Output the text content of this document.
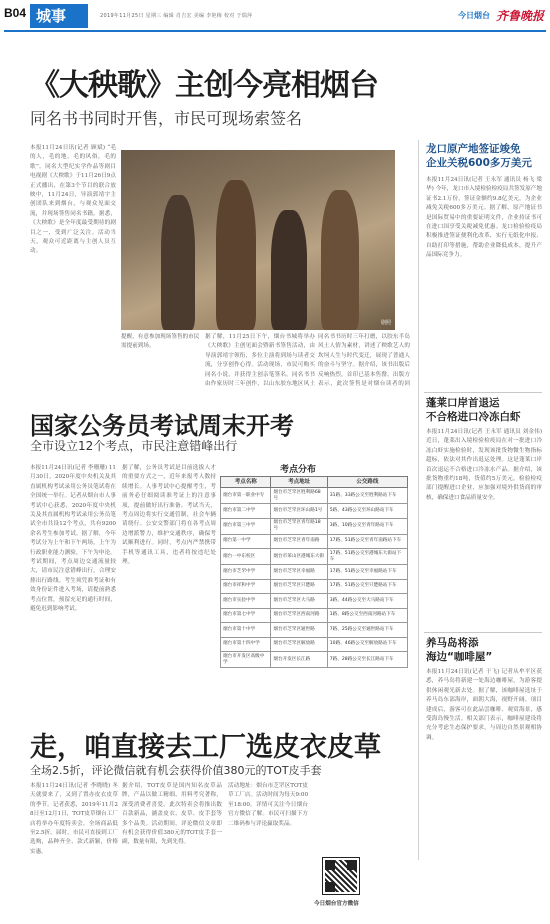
B04 城事	2019年11月25日 星期三 编辑 肖吉宏 美编 李艳梅 校对 于瑞萍	今日烟台 齐鲁晚报
《大秧歌》主创今亮相烟台
同名书书同时开售，市民可现场索签名
本报11月24日讯(记者 顾斌) “毛的人，毛的地，毛的风俗，毛的歌”。同名大型纪实学作品等剧目电视剧《大秧歌》于11月26日9点正式播出，在第3个节目的联合放映中，11月24日，导演郭靖宇主创团队来到烟台，与观众见面交流，并现场签售同名书籍。据悉，《大秧歌》是全年度最受期待的剧目之一，受到广泛关注。活动当天，观众可近距离与主创人员互动。
剧照
提醒，有意参加现场签售的市民需提前到场。
据了解，11月25日下午，烟台书城将举办《大秧歌》主创见面会暨新书签售活动，由导演郭靖宇领衔，多位主演将到场与读者交流，分享创作心得。活动现场，市民可购买同名小说，并获得主创亲笔签名。同名书书由作家历时三年创作，以山东胶东地区风土
同名书书历时三年打磨，以胶东半岛风土人情为素材，讲述了秧歌艺人的坎坷人生与时代变迁，展现了普通人的奋斗与坚守。据介绍，该书出版后反响热烈，首印已基本售罄。出版方表示，此次签售是对烟台读者的回
国家公务员考试周末开考
全市设立12个考点，市民注意错峰出行
本报11月24日讯(记者 李珊珊) 11月30日，2020年度中央机关及其直属机构考试录用公务员笔试将在全国统一举行。记者从烟台市人事考试中心获悉，2020年度中央机关及其直属机构考试录用公务员笔试全市共设12个考点，共有9200余名考生参加考试。据了解，今年考试分为上午和下午两场，上午为行政职业能力测验，下午为申论。考试期间，考点周边交通流量较大，请市民注意错峰出行，合理安排出行路线。考生须凭准考证和有效身份证件进入考场，请提前熟悉考点位置，预留充足的通行时间，避免迟到影响考试。
据了解，公务员考试是目前选拔人才的重要方式之一，近年来报考人数持续增长。人事考试中心提醒考生，考前务必仔细阅读准考证上的注意事项，提前做好出行准备。考试当天，考点周边将实行交通管制，社会车辆请绕行。公安交警部门将在各考点周边增派警力，维护交通秩序，确保考试顺利进行。同时，考点内严禁携带手机等通讯工具，违者将按违纪处理。
考点分布
考点名称	考点地址	公交路线
烟台市第一职业中专	烟台市芝罘区胜利路68号	31路、33路公交至胜利路站下车
烟台市第二中学	烟台市芝罘区环山路1号	5路、43路公交至环山路站下车
烟台市第三中学	烟台市芝罘区青年路18号	3路、10路公交至青年路站下车
烟台第一中学	烟台市芝罘区青年南路	17路、51路公交至青年南路站下车
烟台一中东校区	烟台市莱山区港城东大街	17路、51路公交至港城东大街站下车
烟台市芝罘中学	烟台市芝罘区幸福路	17路、51路公交至幸福路站下车
烟台市祥和中学	烟台市芝罘区只楚路	17路、51路公交至只楚路站下车
烟台市实验中学	烟台市芝罘区大马路	3路、44路公交至大马路站下车
烟台市第七中学	烟台市芝罘区西南河路	1路、8路公交至西南河路站下车
烟台市第十中学	烟台市芝罘区通世路	7路、25路公交至通世路站下车
烟台市第十四中学	烟台市芝罘区解放路	10路、46路公交至解放路站下车
烟台市开发区高级中学	烟台开发区长江路	7路、28路公交至长江路站下车
走，咱直接去工厂选皮衣皮草
全场2.5折，评论微信就有机会获得价值380元的TOT皮手套
本报11月24日讯(记者 李晓晓) 冬天就要来了，又到了置办皮衣皮草的季节。记者获悉，2019年11月28日至12月1日，TOT皮草烟台工厂店将举办年度特卖会，全场商品低至2.5折。届时，市民可直接到工厂选购，品种齐全、款式新颖，价格实惠。
据介绍，TOT皮草是国内知名皮草品牌，产品以做工精细、用料考究著称，深受消费者喜爱。此次特卖会将推出数百款新品，涵盖皮衣、皮草、皮手套等多个品类。活动期间，评论微信文章即有机会获得价值380元的TOT皮手套一副，数量有限，先到先得。
活动地址：烟台市芝罘区TOT皮草工厂店。活动时间为每天9:00至18:00。详情可关注今日烟台官方微信了解。市民可扫描下方二维码参与评论赢取奖品。
今日烟台官方微信
龙口原产地签证竣免
企业关税600多万美元
本报11月24日讯(记者 王永军 通讯员 杨飞 梁华) 今年，龙口市入境检验检疫局共签发原产地证书2.1万份，签证金额约9.8亿美元，为企业减免关税600多万美元。据了解，原产地证书是国际贸易中的重要证明文件，企业持证书可在进口国享受关税减免优惠。龙口检验检疫局积极推进签证便利化改革，实行无纸化申报、自助打印等措施，帮助企业降低成本，提升产品国际竞争力。
蓬莱口岸首退运
不合格进口冷冻白虾
本报11月24日讯(记者 王永军 通讯员 刘金伟) 近日，蓬莱出入境检验检疫局在对一批进口冷冻白虾实施检验时，发现该批货物微生物指标超标，依法对其作出退运处理。这是蓬莱口岸首次退运不合格进口冷冻水产品。据介绍，该批货物重约18吨，货值约5万美元。检验检疫部门提醒进口企业，应加强对境外供货商的审核，确保进口食品质量安全。
养马岛将添
海边“咖啡屋”
本报11月24日讯(记者 于飞) 记者从牟平区获悉，养马岛将新建一处海边咖啡屋，为游客提供休闲观光新去处。据了解，该咖啡屋选址于养马岛东部海岸，面朝大海，视野开阔。项目建成后，游客可在此品尝咖啡、观赏海景，感受海岛慢生活。相关部门表示，咖啡屋建设将充分考虑生态保护要求，与周边自然景观相协调。
